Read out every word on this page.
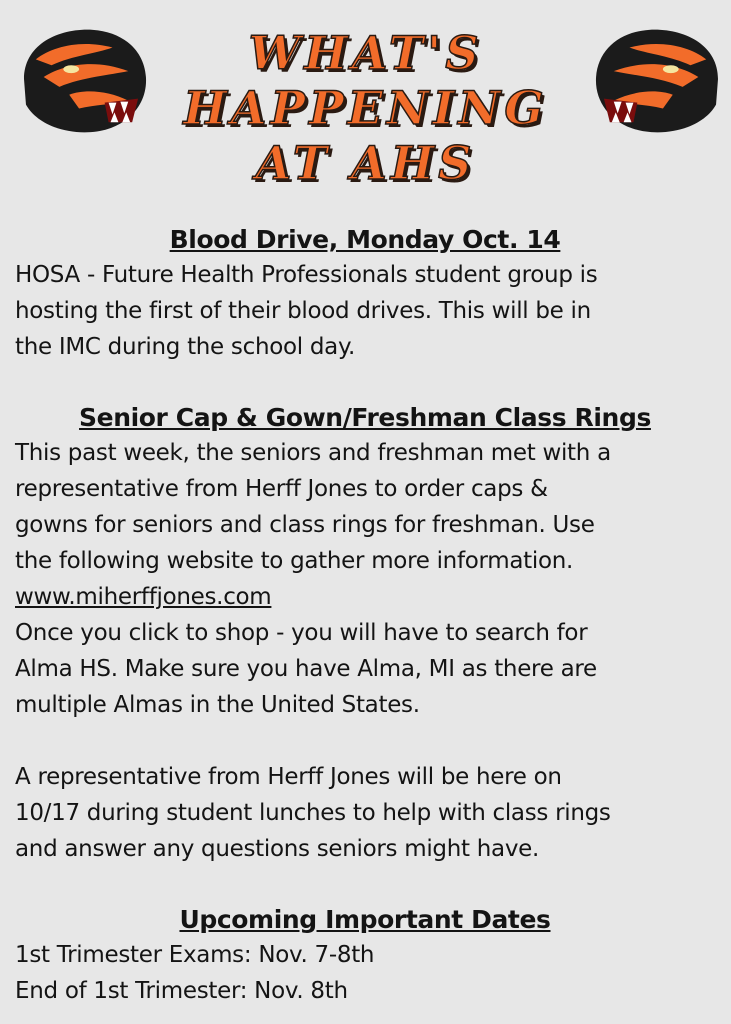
WHAT'S
HAPPENING
AT AHS
Blood Drive, Monday Oct. 14

HOSA - Future Health Professionals student group is

hosting the first of their blood drives. This will be in

the IMC during the school day.

Senior Cap & Gown/Freshman Class Rings

This past week, the seniors and freshman met with a

representative from Herff Jones to order caps &

gowns for seniors and class rings for freshman. Use

the following website to gather more information.

www.miherffjones.com

Once you click to shop - you will have to search for

Alma HS. Make sure you have Alma, MI as there are

multiple Almas in the United States.

A representative from Herff Jones will be here on

10/17 during student lunches to help with class rings

and answer any questions seniors might have.

Upcoming Important Dates

1st Trimester Exams: Nov. 7-8th

End of 1st Trimester: Nov. 8th
